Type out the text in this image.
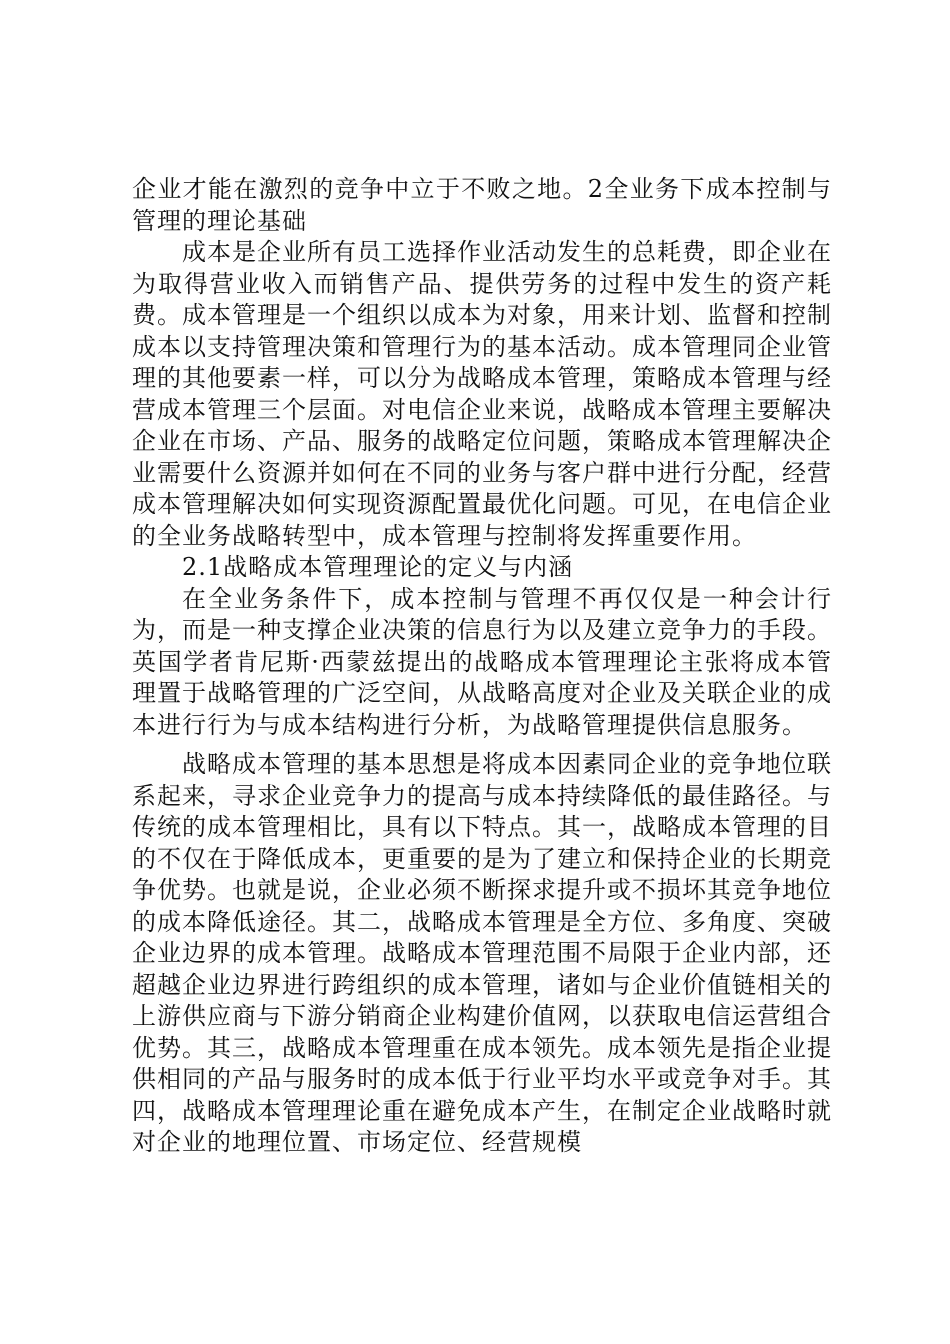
企业才能在激烈的竞争中立于不败之地。2全业务下成本控制与管理的理论基础

成本是企业所有员工选择作业活动发生的总耗费，即企业在为取得营业收入而销售产品、提供劳务的过程中发生的资产耗费。成本管理是一个组织以成本为对象，用来计划、监督和控制成本以支持管理决策和管理行为的基本活动。成本管理同企业管理的其他要素一样，可以分为战略成本管理，策略成本管理与经营成本管理三个层面。对电信企业来说，战略成本管理主要解决企业在市场、产品、服务的战略定位问题，策略成本管理解决企业需要什么资源并如何在不同的业务与客户群中进行分配，经营成本管理解决如何实现资源配置最优化问题。可见，在电信企业的全业务战略转型中，成本管理与控制将发挥重要作用。

2.1战略成本管理理论的定义与内涵

在全业务条件下，成本控制与管理不再仅仅是一种会计行为，而是一种支撑企业决策的信息行为以及建立竞争力的手段。英国学者肯尼斯·西蒙兹提出的战略成本管理理论主张将成本管理置于战略管理的广泛空间，从战略高度对企业及关联企业的成本进行行为与成本结构进行分析，为战略管理提供信息服务。

战略成本管理的基本思想是将成本因素同企业的竞争地位联系起来，寻求企业竞争力的提高与成本持续降低的最佳路径。与传统的成本管理相比，具有以下特点。其一，战略成本管理的目的不仅在于降低成本，更重要的是为了建立和保持企业的长期竞争优势。也就是说，企业必须不断探求提升或不损坏其竞争地位的成本降低途径。其二，战略成本管理是全方位、多角度、突破企业边界的成本管理。战略成本管理范围不局限于企业内部，还超越企业边界进行跨组织的成本管理，诸如与企业价值链相关的上游供应商与下游分销商企业构建价值网，以获取电信运营组合优势。其三，战略成本管理重在成本领先。成本领先是指企业提供相同的产品与服务时的成本低于行业平均水平或竞争对手。其四，战略成本管理理论重在避免成本产生，在制定企业战略时就对企业的地理位置、市场定位、经营规模
